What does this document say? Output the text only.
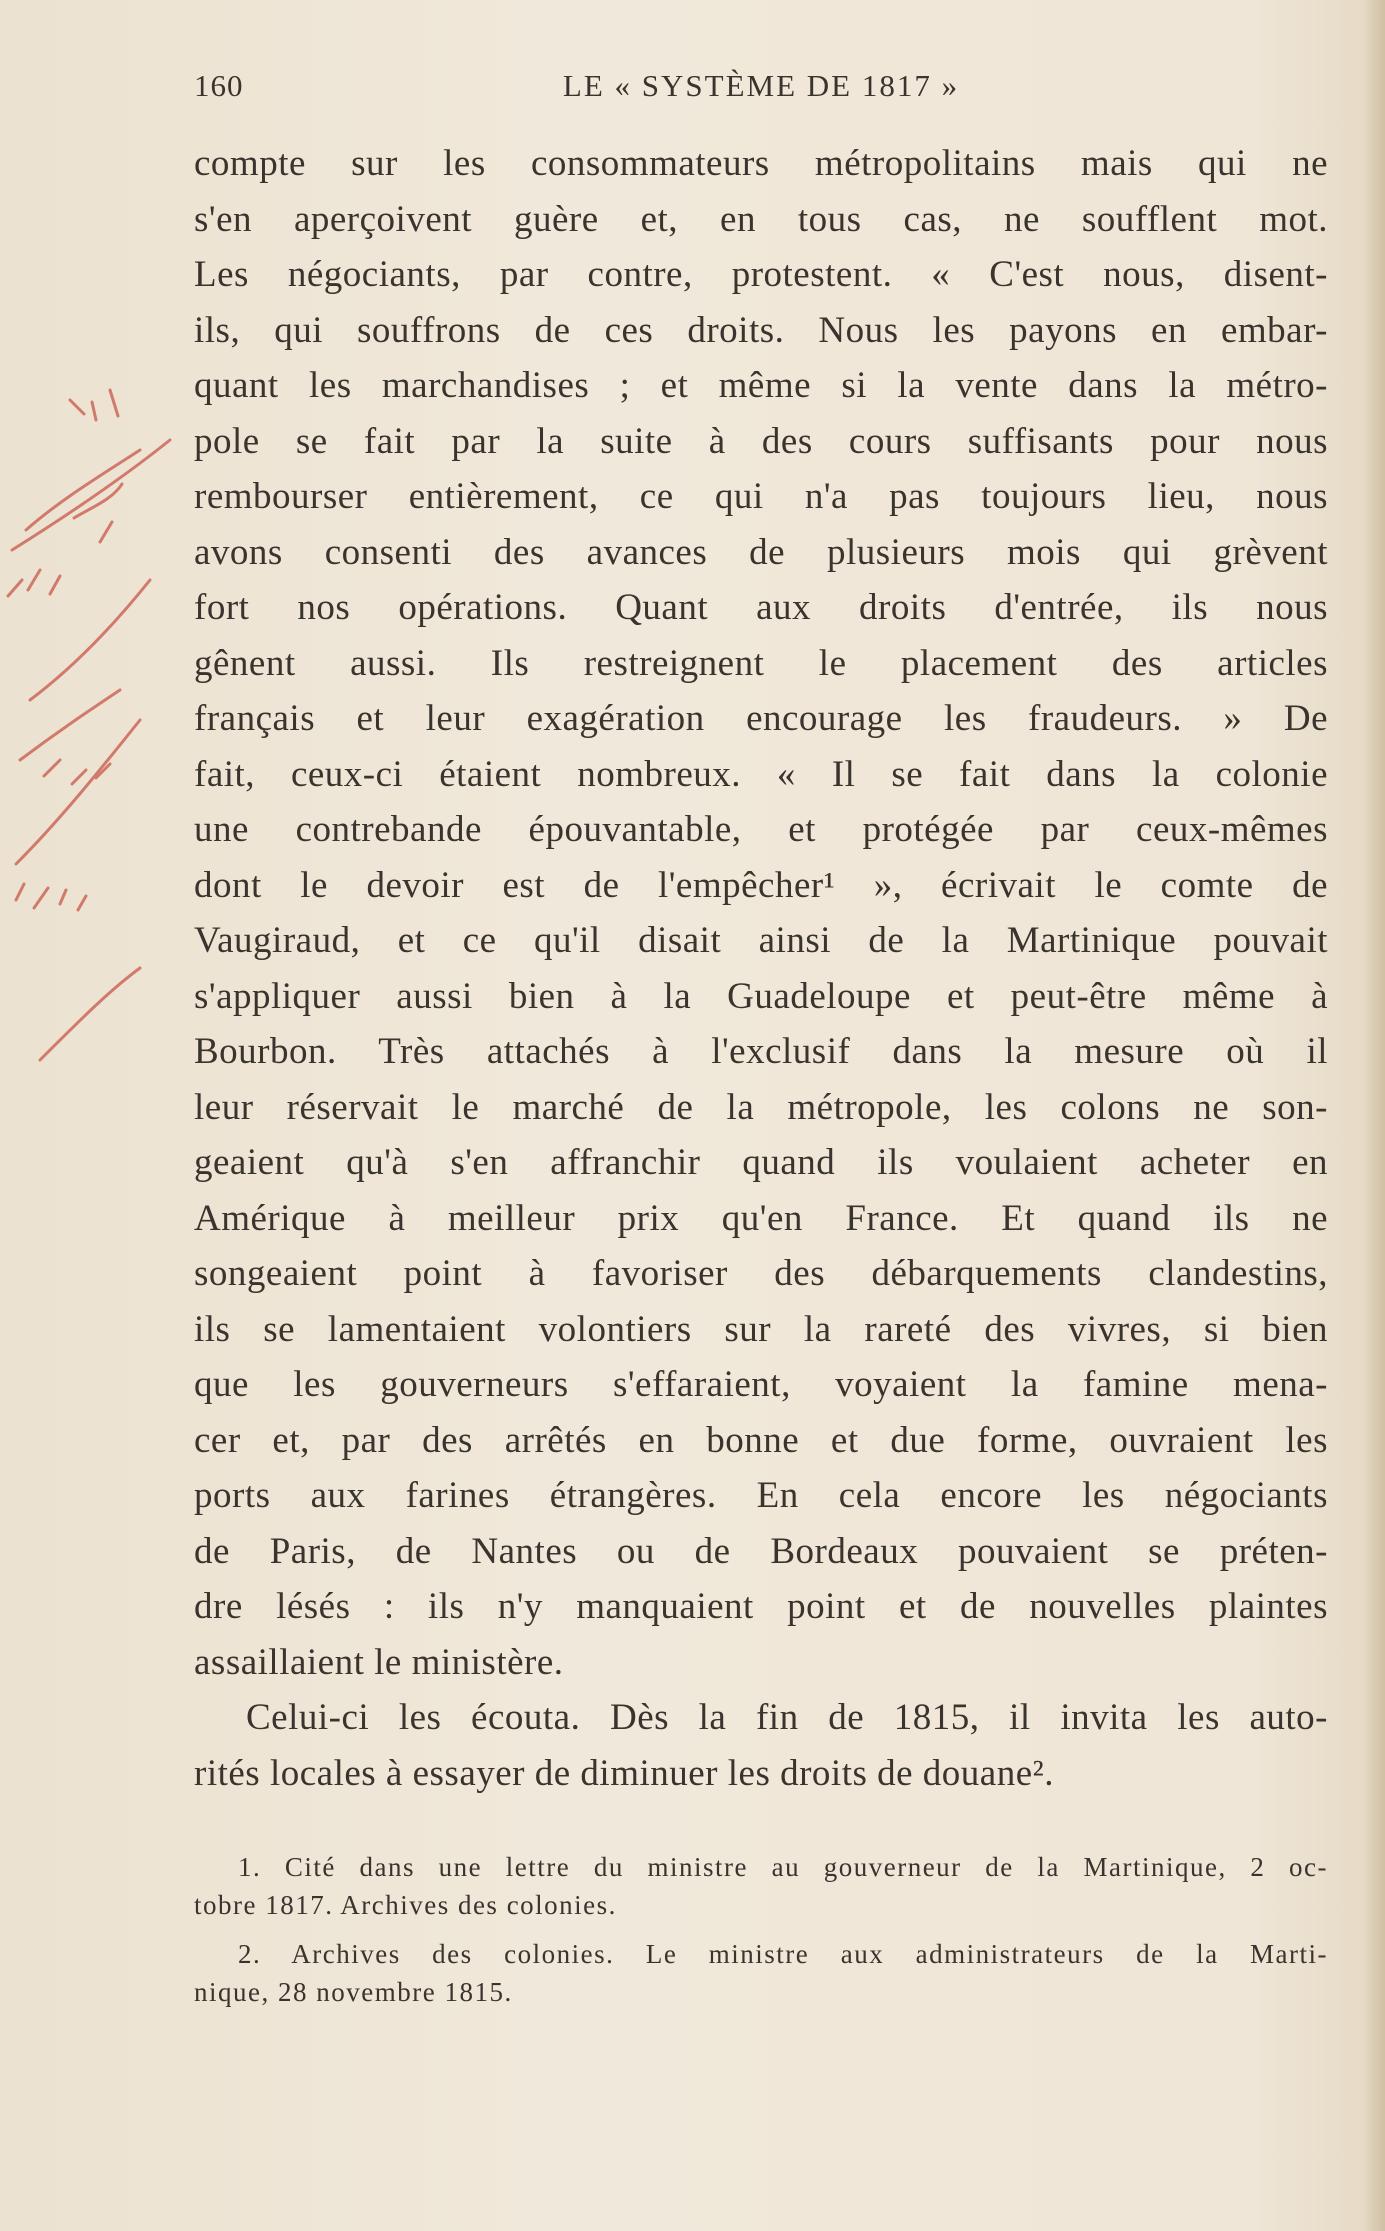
160	LE « SYSTÈME DE 1817 »
compte sur les consommateurs métropolitains mais qui ne
s'en aperçoivent guère et, en tous cas, ne soufflent mot.
Les négociants, par contre, protestent. « C'est nous, disent-
ils, qui souffrons de ces droits. Nous les payons en embar-
quant les marchandises ; et même si la vente dans la métro-
pole se fait par la suite à des cours suffisants pour nous
rembourser entièrement, ce qui n'a pas toujours lieu, nous
avons consenti des avances de plusieurs mois qui grèvent
fort nos opérations. Quant aux droits d'entrée, ils nous
gênent aussi. Ils restreignent le placement des articles
français et leur exagération encourage les fraudeurs. » De
fait, ceux-ci étaient nombreux. « Il se fait dans la colonie
une contrebande épouvantable, et protégée par ceux-mêmes
dont le devoir est de l'empêcher¹ », écrivait le comte de
Vaugiraud, et ce qu'il disait ainsi de la Martinique pouvait
s'appliquer aussi bien à la Guadeloupe et peut-être même à
Bourbon. Très attachés à l'exclusif dans la mesure où il
leur réservait le marché de la métropole, les colons ne son-
geaient qu'à s'en affranchir quand ils voulaient acheter en
Amérique à meilleur prix qu'en France. Et quand ils ne
songeaient point à favoriser des débarquements clandestins,
ils se lamentaient volontiers sur la rareté des vivres, si bien
que les gouverneurs s'effaraient, voyaient la famine mena-
cer et, par des arrêtés en bonne et due forme, ouvraient les
ports aux farines étrangères. En cela encore les négociants
de Paris, de Nantes ou de Bordeaux pouvaient se préten-
dre lésés : ils n'y manquaient point et de nouvelles plaintes
assaillaient le ministère.
Celui-ci les écouta. Dès la fin de 1815, il invita les auto-
rités locales à essayer de diminuer les droits de douane².
1. Cité dans une lettre du ministre au gouverneur de la Martinique, 2 oc-
tobre 1817. Archives des colonies.
2. Archives des colonies. Le ministre aux administrateurs de la Marti-
nique, 28 novembre 1815.
